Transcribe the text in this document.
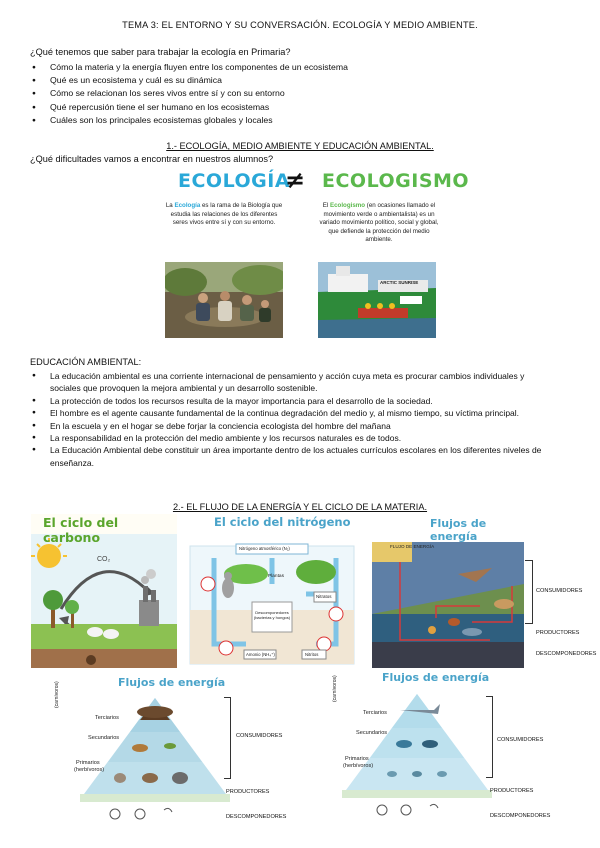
TEMA 3: EL ENTORNO Y SU CONVERSACIÓN. ECOLOGÍA Y MEDIO AMBIENTE.
¿Qué tenemos que saber para trabajar la ecología en Primaria?
● Cómo la materia y la energía fluyen entre los componentes de un ecosistema
● Qué es un ecosistema y cuál es su dinámica
● Cómo se relacionan los seres vivos entre sí y con su entorno
● Qué repercusión tiene el ser humano en los ecosistemas
● Cuáles son los principales ecosistemas globales y locales
1.- ECOLOGÍA, MEDIO AMBIENTE Y EDUCACIÓN AMBIENTAL.
¿Qué dificultades vamos a encontrar en nuestros alumnos?
ECOLOGÍA
≠ ECOLOGISMO
La Ecología es la rama de la Biología que estudia las relaciones de los diferentes seres vivos entre sí y con su entorno.
El Ecologismo (en ocasiones llamado el movimiento verde o ambientalista) es un variado movimiento político, social y global, que defiende la protección del medio ambiente.
ARCTIC SUNRISE
EDUCACIÓN AMBIENTAL:
● La educación ambiental es una corriente internacional de pensamiento y acción cuya meta es procurar cambios individuales y sociales que provoquen la mejora ambiental y un desarrollo sostenible.
● La protección de todos los recursos resulta de la mayor importancia para el desarrollo de la sociedad.
● El hombre es el agente causante fundamental de la continua degradación del medio y, al mismo tiempo, su víctima principal.
● En la escuela y en el hogar se debe forjar la conciencia ecologista del hombre del mañana
● La responsabilidad en la protección del medio ambiente y los recursos naturales es de todos.
● La Educación Ambiental debe constituir un área importante dentro de los actuales currículos escolares en los diferentes niveles de enseñanza.
2.- EL FLUJO DE LA ENERGÍA Y EL CICLO DE LA MATERIA.
El ciclo del carbono
CO₂
El ciclo del nitrógeno
Nitrógeno atmosférico (N₂)
Plantas
Descomponedores (bacterias y hongos)
Nitratos
Amonio (NH₄⁺)	Nitritos
Flujos de energía
FLUJO DE ENERGÍA
CONSUMIDORES
PRODUCTORES
DESCOMPONEDORES
Flujos de energía
(carnívoros)
Terciarios
Secundarios
Primarios
(herbívoros)
CONSUMIDORES
PRODUCTORES
DESCOMPONEDORES
Flujos de energía
(carnívoros)
Terciarios
Secundarios
Primarios
(herbívoros)
CONSUMIDORES
PRODUCTORES
DESCOMPONEDORES
